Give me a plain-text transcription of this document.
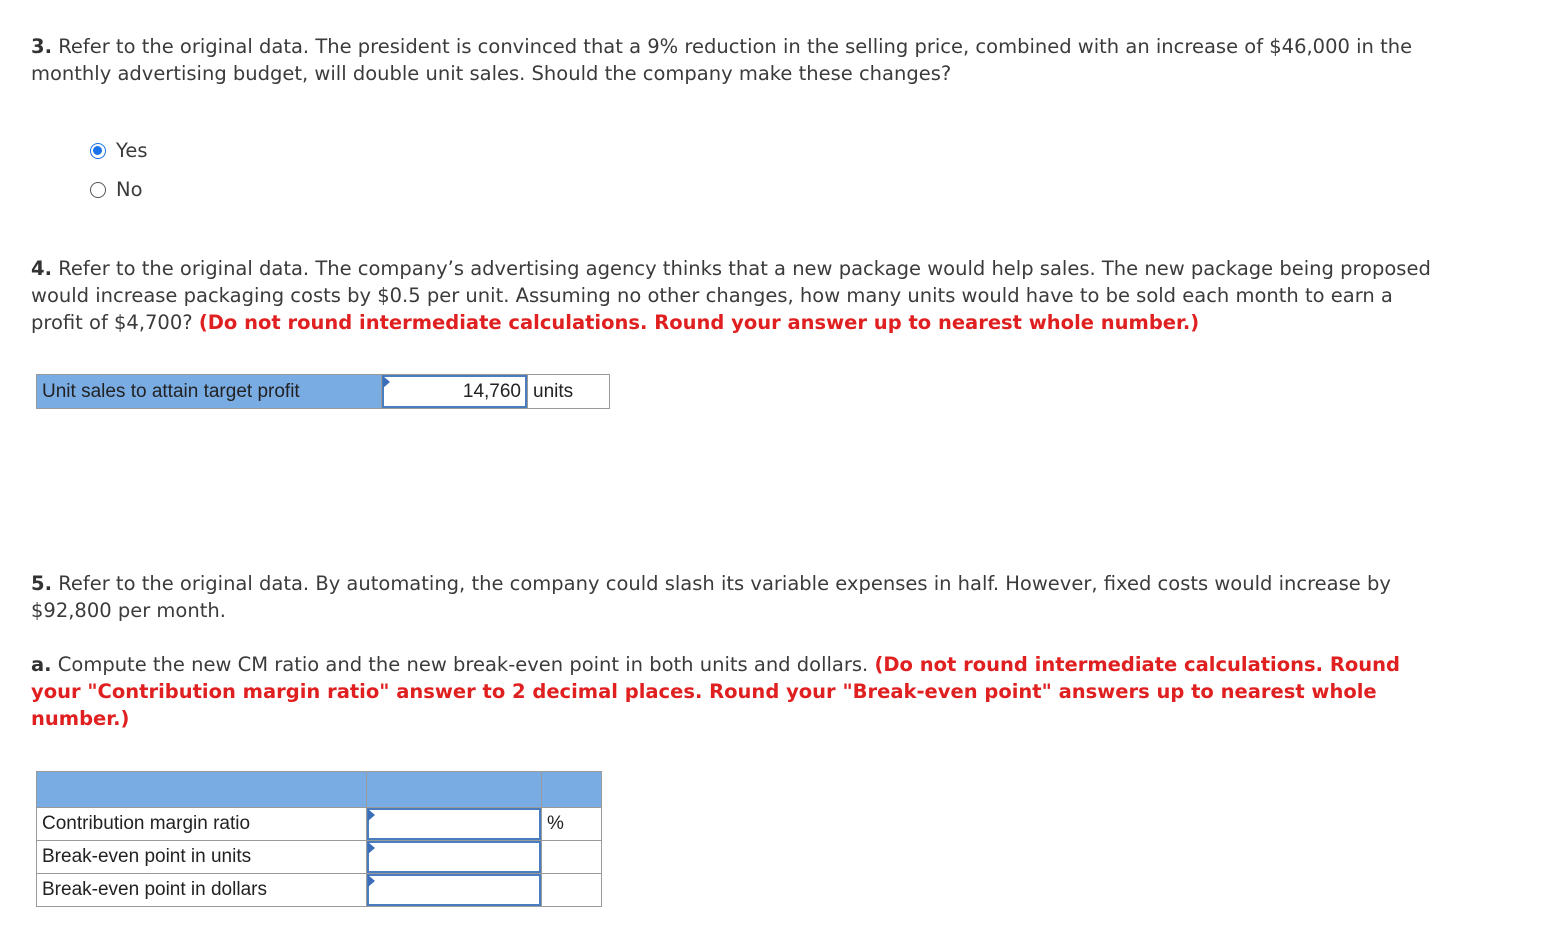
3. Refer to the original data. The president is convinced that a 9% reduction in the selling price, combined with an increase of $46,000 in the monthly advertising budget, will double unit sales. Should the company make these changes?

Yes
No

4. Refer to the original data. The company’s advertising agency thinks that a new package would help sales. The new package being proposed would increase packaging costs by $0.5 per unit. Assuming no other changes, how many units would have to be sold each month to earn a profit of $4,700? (Do not round intermediate calculations. Round your answer up to nearest whole number.)

Unit sales to attain target profit	14,760	units

5. Refer to the original data. By automating, the company could slash its variable expenses in half. However, fixed costs would increase by $92,800 per month.

a. Compute the new CM ratio and the new break-even point in both units and dollars. (Do not round intermediate calculations. Round your "Contribution margin ratio" answer to 2 decimal places. Round your "Break-even point" answers up to nearest whole number.)

Contribution margin ratio		%
Break-even point in units	

Break-even point in dollars	
